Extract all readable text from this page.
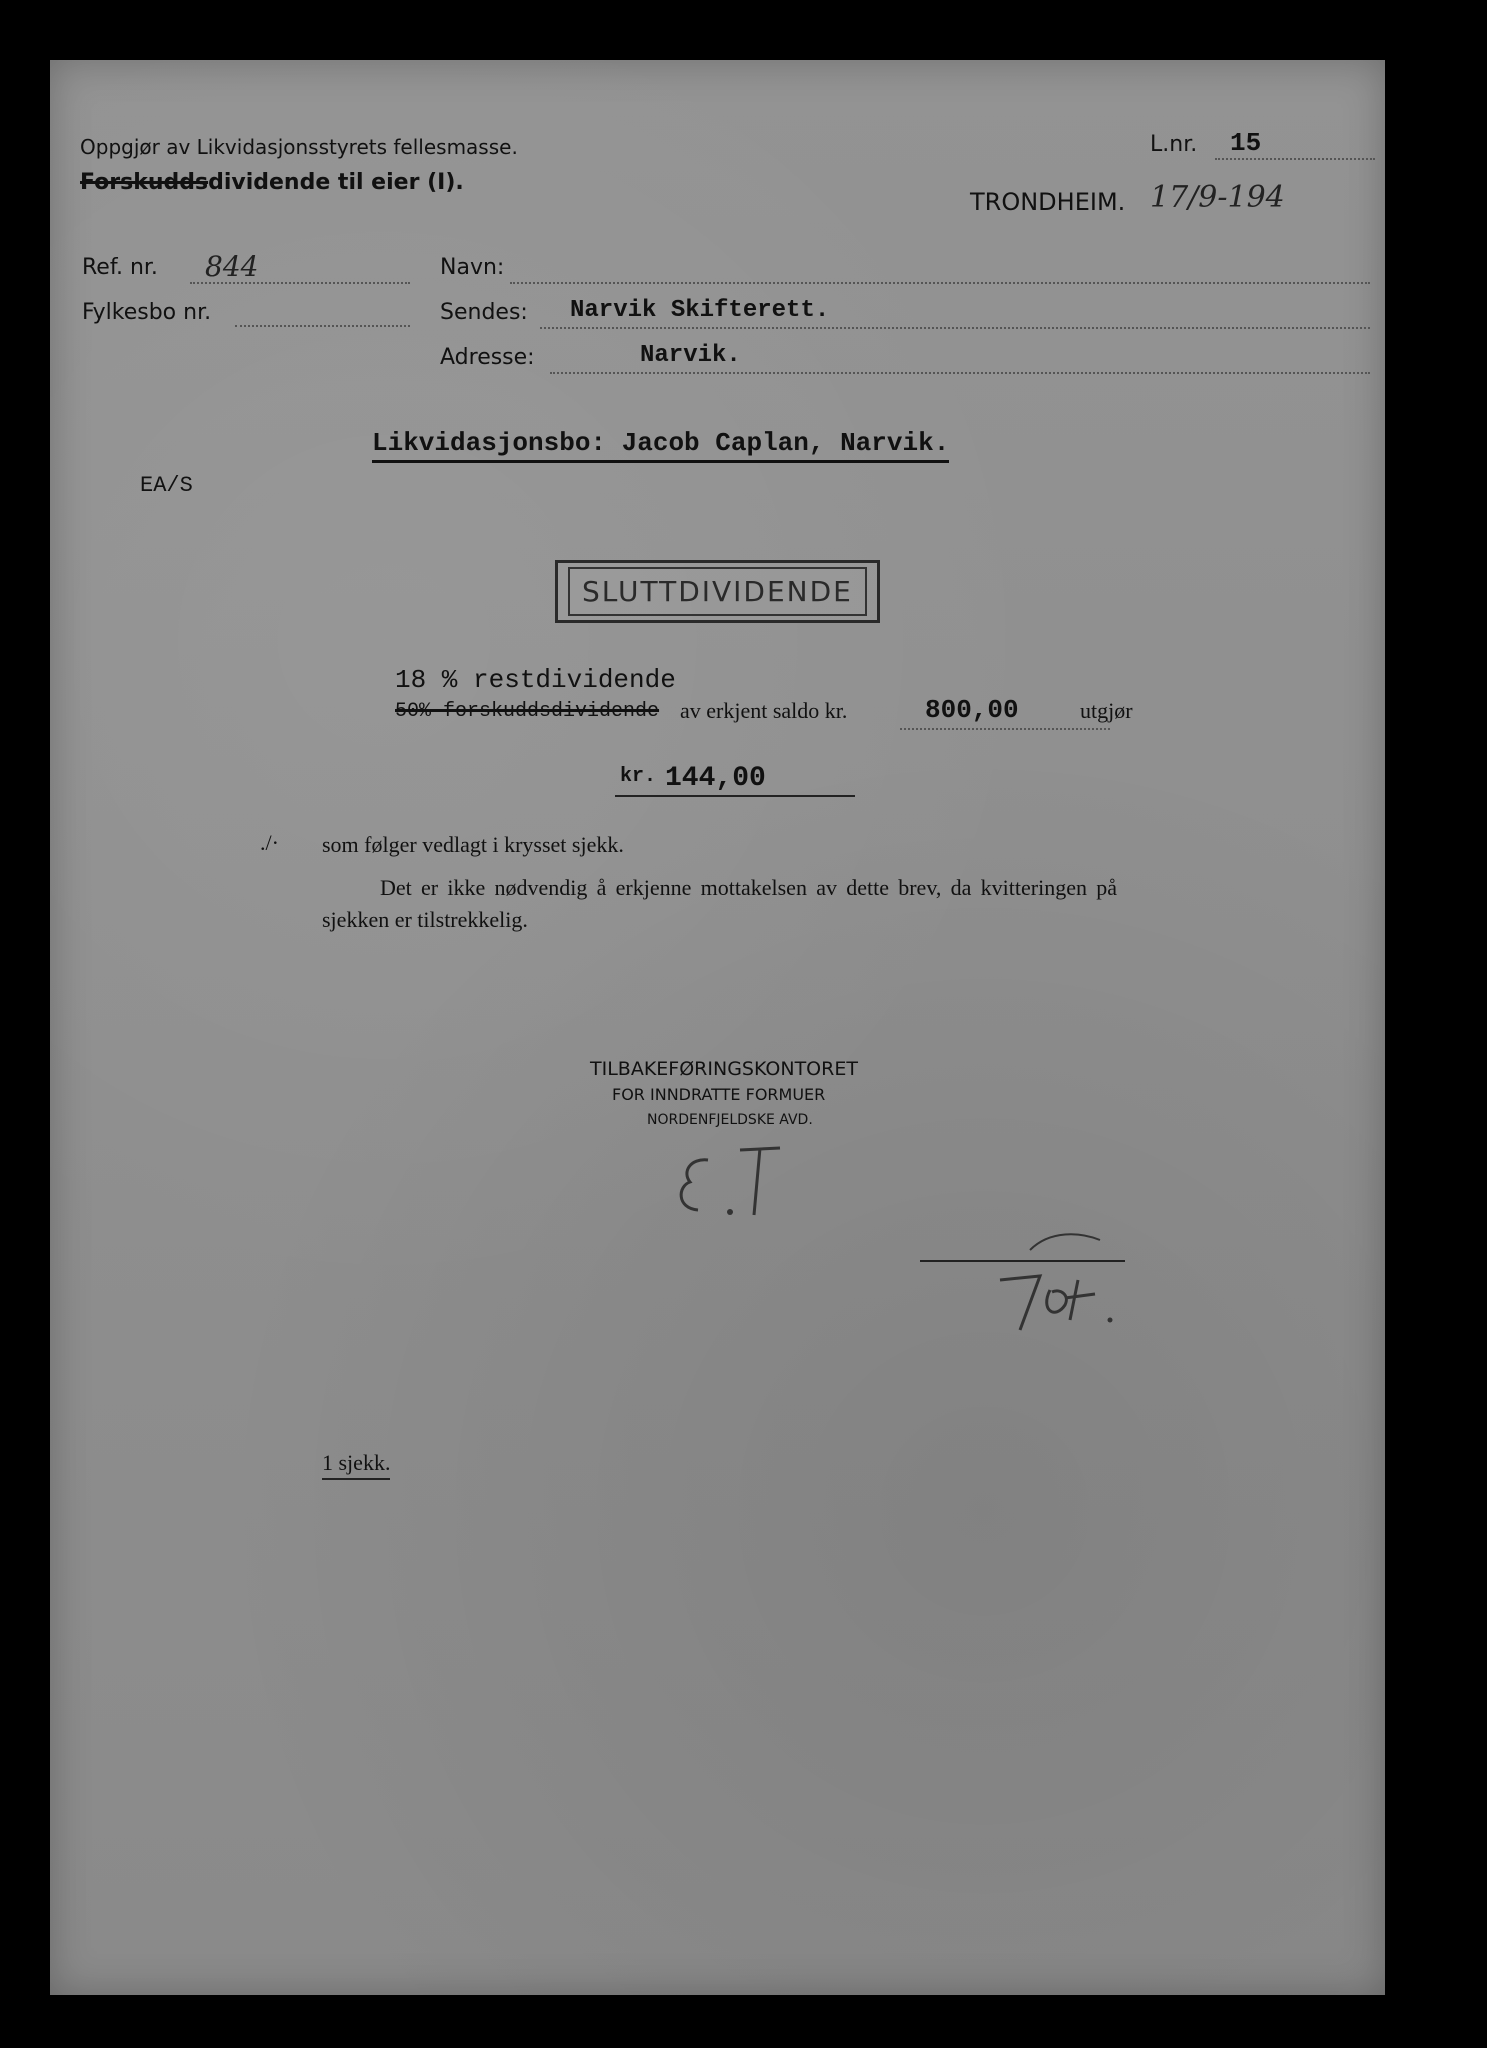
Oppgjør av Likvidasjonsstyrets fellesmasse.
Forskuddsdividende til eier (I).
L.nr. 15
TRONDHEIM. 17/9-194
Ref. nr. 844
Fylkesbo nr.
Navn:
Sendes: Narvik Skifterett.
Adresse:	Narvik.
Likvidasjonsbo: Jacob Caplan, Narvik.
EA/S
SLUTTDIVIDENDE
18 % restdividende
50% forskuddsdividende av erkjent saldo kr.	800,00	utgjør
kr. 144,00
./· som følger vedlagt i krysset sjekk.
Det er ikke nødvendig å erkjenne mottakelsen av dette brev, da kvitteringen på sjekken er tilstrekkelig.
TILBAKEFØRINGSKONTORET
FOR INNDRATTE FORMUER
NORDENFJELDSKE AVD.
1 sjekk.
